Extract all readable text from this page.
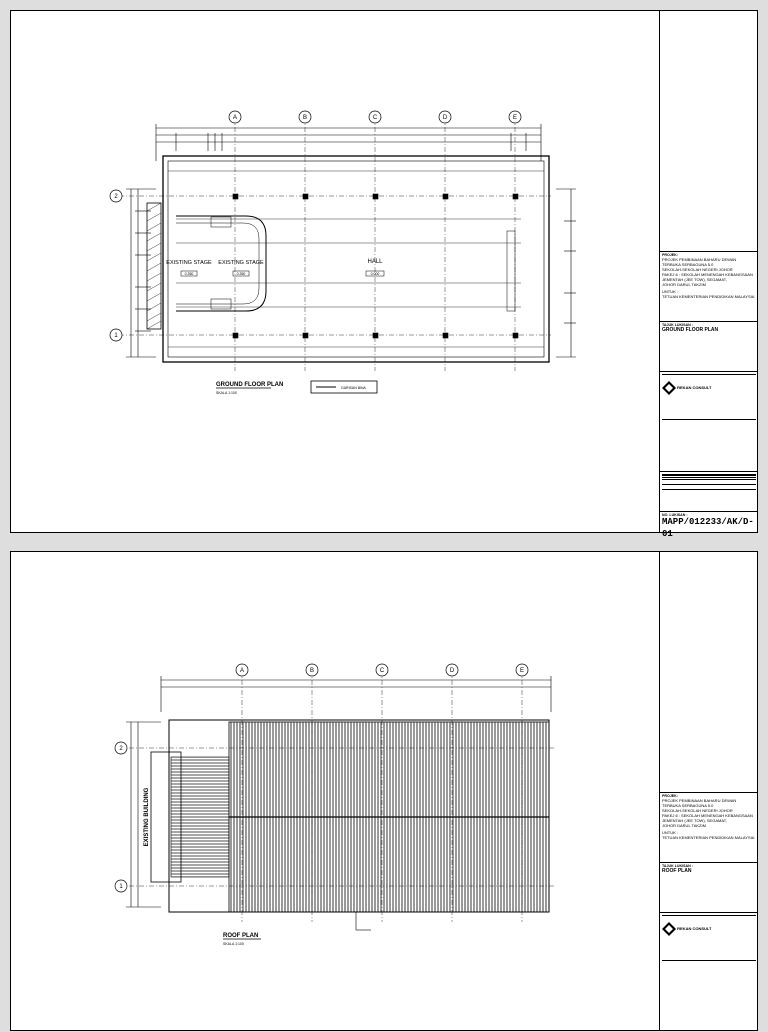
A	B	C	D	E
2
1
EXISTING STAGE
0.350
EXISTING STAGE
0.350
HALL
0.000
GROUND FLOOR PLAN
SKALA 1:100
GARISAN BINA
PROJEK:
PROJEK PEMBINAAN BAHARU DEWAN
TERBUKA SERBAGUNA 5.0
SEKOLAH-SEKOLAH NEGERI JOHOR
PAKEJ 6 : SEKOLAH MENENGAH KEBANGSAAN
JEMENTAH (JEE TOW), SEGAMAT,
JOHOR DARUL TAKZIM
UNTUK :
TETUAN KEMENTERIAN PENDIDIKAN MALAYSIA
TAJUK LUKISAN :
GROUND FLOOR PLAN
REKAN CONSULT

NO. LUKISAN :
MAPP/012233/AK/D-01
A	B	C	D	E
2
1
EXISTING BUILDING
ROOF PLAN
SKALA 1:100
PROJEK:
PROJEK PEMBINAAN BAHARU DEWAN
TERBUKA SERBAGUNA 5.0
SEKOLAH-SEKOLAH NEGERI JOHOR
PAKEJ 6 : SEKOLAH MENENGAH KEBANGSAAN
JEMENTAH (JEE TOW), SEGAMAT,
JOHOR DARUL TAKZIM
UNTUK :
TETUAN KEMENTERIAN PENDIDIKAN MALAYSIA
TAJUK LUKISAN :
ROOF PLAN
REKAN CONSULT
